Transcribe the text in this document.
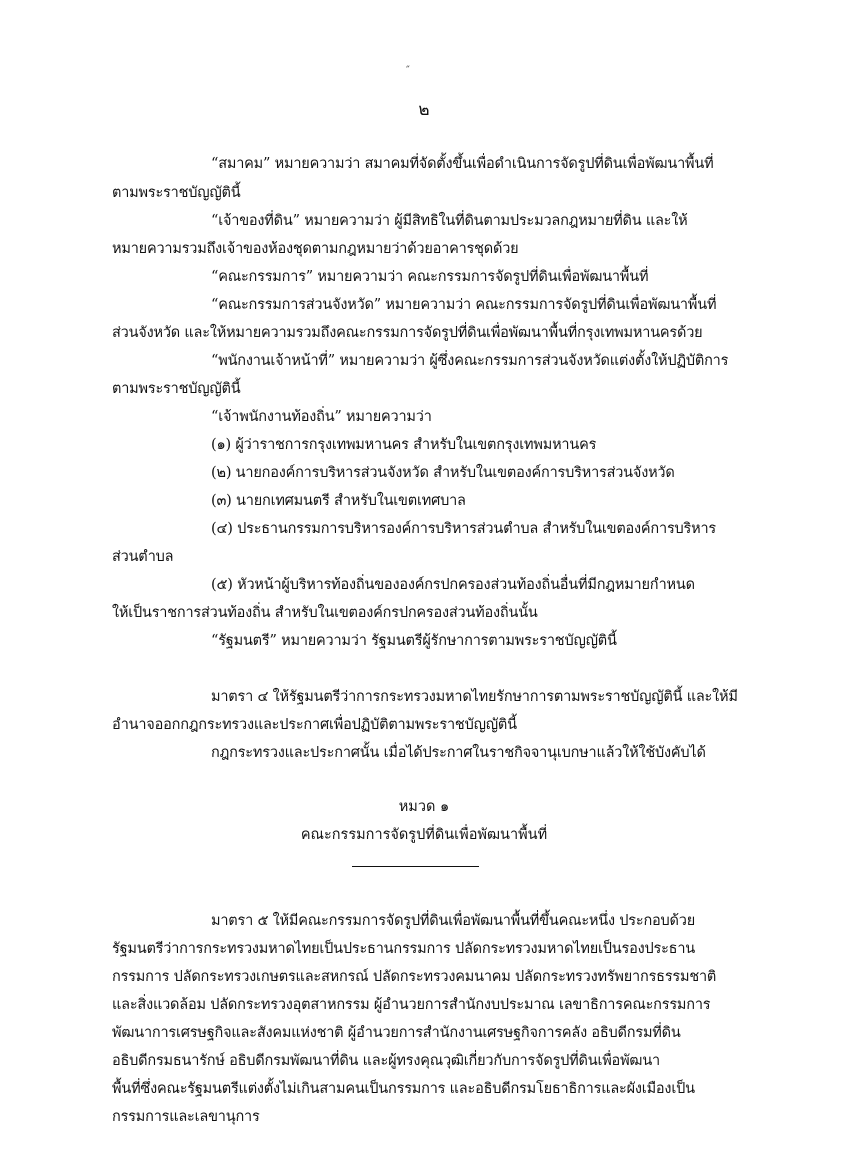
˝
๒
“สมาคม” หมายความว่า สมาคมที่จัดตั้งขึ้นเพื่อดำเนินการจัดรูปที่ดินเพื่อพัฒนาพื้นที่
ตามพระราชบัญญัตินี้
“เจ้าของที่ดิน” หมายความว่า ผู้มีสิทธิในที่ดินตามประมวลกฎหมายที่ดิน และให้
หมายความรวมถึงเจ้าของห้องชุดตามกฎหมายว่าด้วยอาคารชุดด้วย
“คณะกรรมการ” หมายความว่า คณะกรรมการจัดรูปที่ดินเพื่อพัฒนาพื้นที่
“คณะกรรมการส่วนจังหวัด” หมายความว่า คณะกรรมการจัดรูปที่ดินเพื่อพัฒนาพื้นที่
ส่วนจังหวัด และให้หมายความรวมถึงคณะกรรมการจัดรูปที่ดินเพื่อพัฒนาพื้นที่กรุงเทพมหานครด้วย
“พนักงานเจ้าหน้าที่” หมายความว่า ผู้ซึ่งคณะกรรมการส่วนจังหวัดแต่งตั้งให้ปฏิบัติการ
ตามพระราชบัญญัตินี้
“เจ้าพนักงานท้องถิ่น” หมายความว่า
(๑) ผู้ว่าราชการกรุงเทพมหานคร สำหรับในเขตกรุงเทพมหานคร
(๒) นายกองค์การบริหารส่วนจังหวัด สำหรับในเขตองค์การบริหารส่วนจังหวัด
(๓) นายกเทศมนตรี สำหรับในเขตเทศบาล
(๔) ประธานกรรมการบริหารองค์การบริหารส่วนตำบล สำหรับในเขตองค์การบริหาร
ส่วนตำบล
(๕) หัวหน้าผู้บริหารท้องถิ่นขององค์กรปกครองส่วนท้องถิ่นอื่นที่มีกฎหมายกำหนด
ให้เป็นราชการส่วนท้องถิ่น สำหรับในเขตองค์กรปกครองส่วนท้องถิ่นนั้น
“รัฐมนตรี” หมายความว่า รัฐมนตรีผู้รักษาการตามพระราชบัญญัตินี้
มาตรา ๔ ให้รัฐมนตรีว่าการกระทรวงมหาดไทยรักษาการตามพระราชบัญญัตินี้ และให้มี
อำนาจออกกฎกระทรวงและประกาศเพื่อปฏิบัติตามพระราชบัญญัตินี้
กฎกระทรวงและประกาศนั้น เมื่อได้ประกาศในราชกิจจานุเบกษาแล้วให้ใช้บังคับได้
หมวด ๑
คณะกรรมการจัดรูปที่ดินเพื่อพัฒนาพื้นที่
มาตรา ๕ ให้มีคณะกรรมการจัดรูปที่ดินเพื่อพัฒนาพื้นที่ขึ้นคณะหนึ่ง ประกอบด้วย
รัฐมนตรีว่าการกระทรวงมหาดไทยเป็นประธานกรรมการ ปลัดกระทรวงมหาดไทยเป็นรองประธาน
กรรมการ ปลัดกระทรวงเกษตรและสหกรณ์ ปลัดกระทรวงคมนาคม ปลัดกระทรวงทรัพยากรธรรมชาติ
และสิ่งแวดล้อม ปลัดกระทรวงอุตสาหกรรม ผู้อำนวยการสำนักงบประมาณ เลขาธิการคณะกรรมการ
พัฒนาการเศรษฐกิจและสังคมแห่งชาติ ผู้อำนวยการสำนักงานเศรษฐกิจการคลัง อธิบดีกรมที่ดิน
อธิบดีกรมธนารักษ์ อธิบดีกรมพัฒนาที่ดิน และผู้ทรงคุณวุฒิเกี่ยวกับการจัดรูปที่ดินเพื่อพัฒนา
พื้นที่ซึ่งคณะรัฐมนตรีแต่งตั้งไม่เกินสามคนเป็นกรรมการ และอธิบดีกรมโยธาธิการและผังเมืองเป็น
กรรมการและเลขานุการ
